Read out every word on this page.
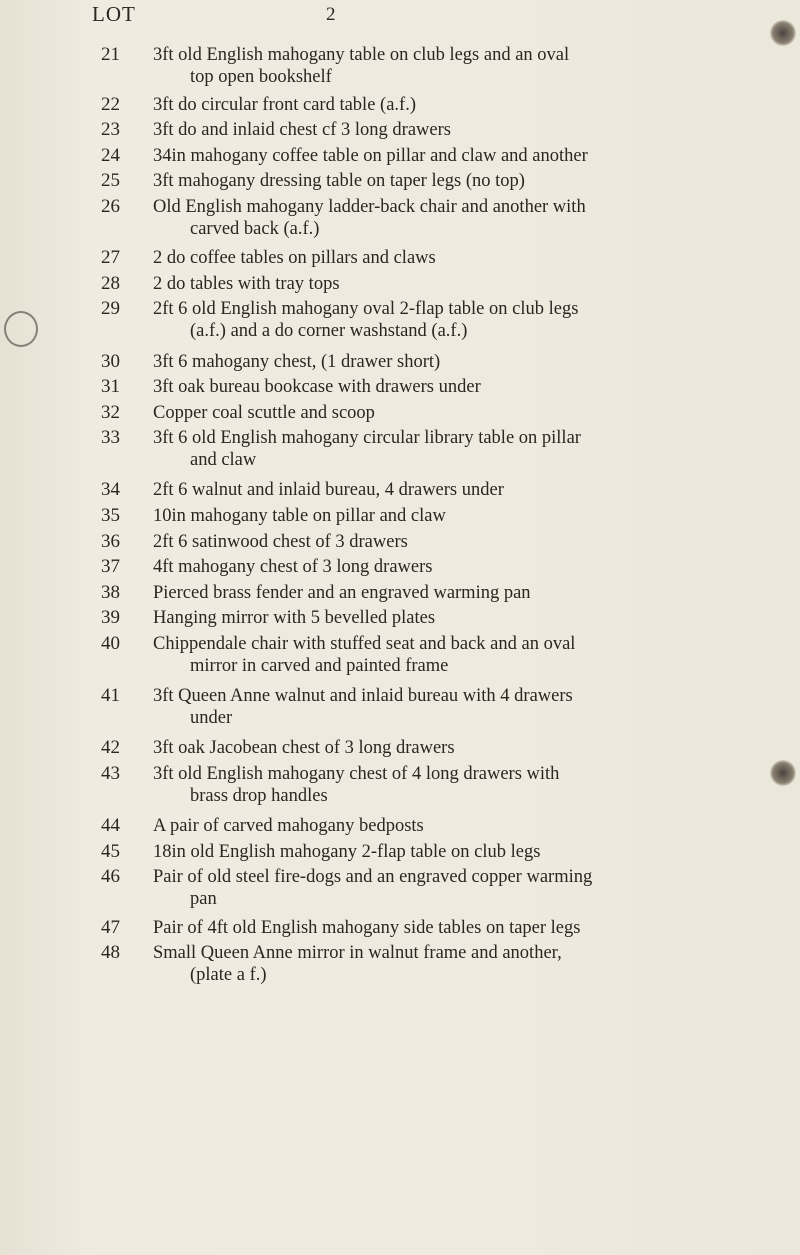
LOT	2
21	3ft old English mahogany table on club legs and an oval
top open bookshelf
22	3ft do circular front card table (a.f.)
23	3ft do and inlaid chest cf 3 long drawers
24	34in mahogany coffee table on pillar and claw and another
25	3ft mahogany dressing table on taper legs (no top)
26	Old English mahogany ladder-back chair and another with
carved back (a.f.)
27	2 do coffee tables on pillars and claws
28	2 do tables with tray tops
29	2ft 6 old English mahogany oval 2-flap table on club legs
(a.f.) and a do corner washstand (a.f.)
30	3ft 6 mahogany chest, (1 drawer short)
31	3ft oak bureau bookcase with drawers under
32	Copper coal scuttle and scoop
33	3ft 6 old English mahogany circular library table on pillar
and claw
34	2ft 6 walnut and inlaid bureau, 4 drawers under
35	10in mahogany table on pillar and claw
36	2ft 6 satinwood chest of 3 drawers
37	4ft mahogany chest of 3 long drawers
38	Pierced brass fender and an engraved warming pan
39	Hanging mirror with 5 bevelled plates
40	Chippendale chair with stuffed seat and back and an oval
mirror in carved and painted frame
41	3ft Queen Anne walnut and inlaid bureau with 4 drawers
under
42	3ft oak Jacobean chest of 3 long drawers
43	3ft old English mahogany chest of 4 long drawers with
brass drop handles
44	A pair of carved mahogany bedposts
45	18in old English mahogany 2-flap table on club legs
46	Pair of old steel fire-dogs and an engraved copper warming
pan
47	Pair of 4ft old English mahogany side tables on taper legs
48	Small Queen Anne mirror in walnut frame and another,
(plate a f.)
